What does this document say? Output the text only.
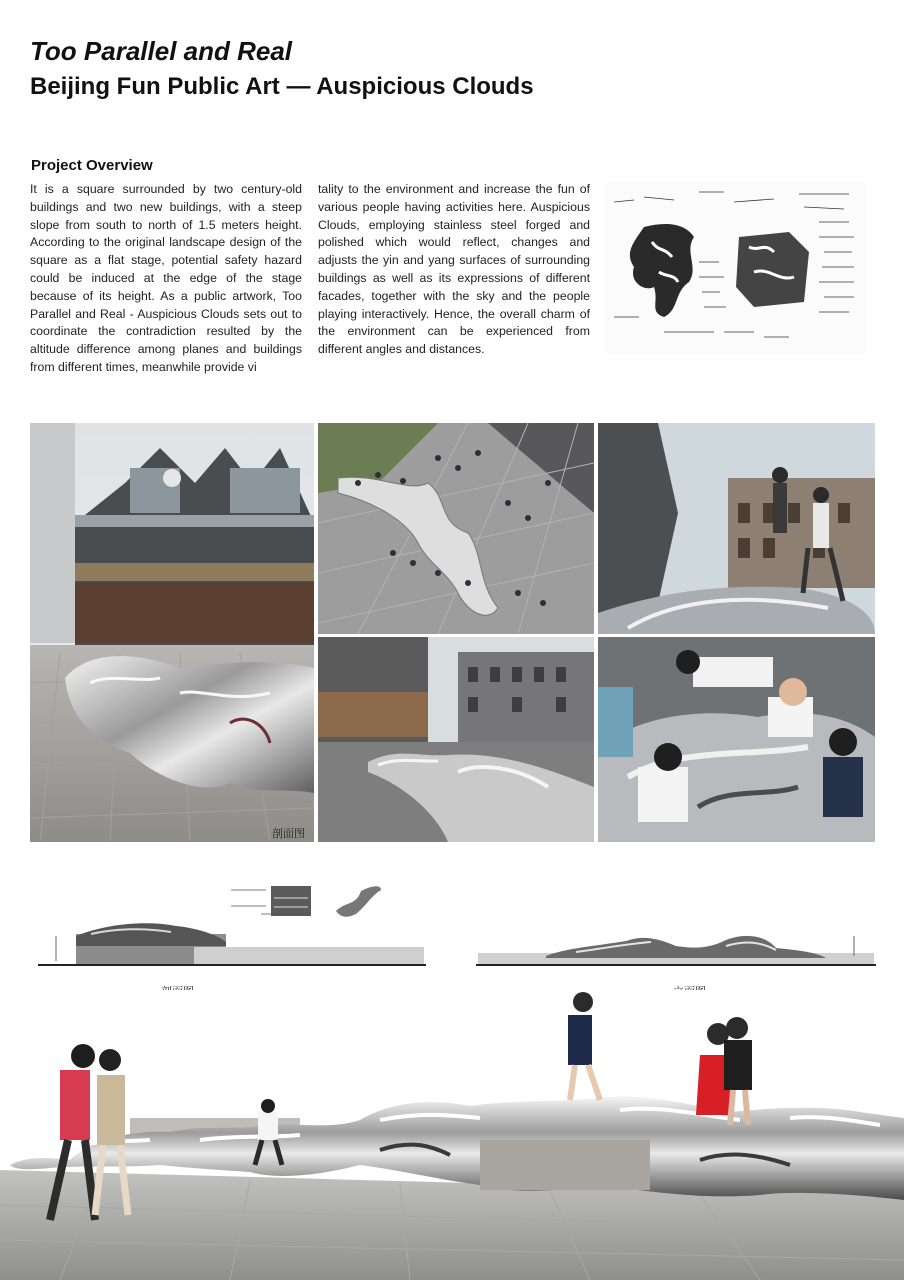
Too Parallel and Real
Beijing Fun Public Art — Auspicious Clouds
Project Overview
It is a square surrounded by two century-old buildings and two new buildings, with a steep slope from south to north of 1.5 meters height. According to the original landscape design of the square as a flat stage, potential safety hazard could be induced at the edge of the stage because of its height. As a public artwork, Too Parallel and Real - Auspicious Clouds sets out to coordinate the contradiction resulted by the altitude difference among planes and buildings from different times, meanwhile provide vi
tality to the environment and increase the fun of various people having activities here. Auspicious Clouds, employing stainless steel forged and polished which would reflect, changes and adjusts the yin and yang surfaces of surrounding buildings as well as its expressions of different facades, together with the sky and the people playing interactively. Hence, the overall charm of the environment can be experienced from different angles and distances.
剖面图
